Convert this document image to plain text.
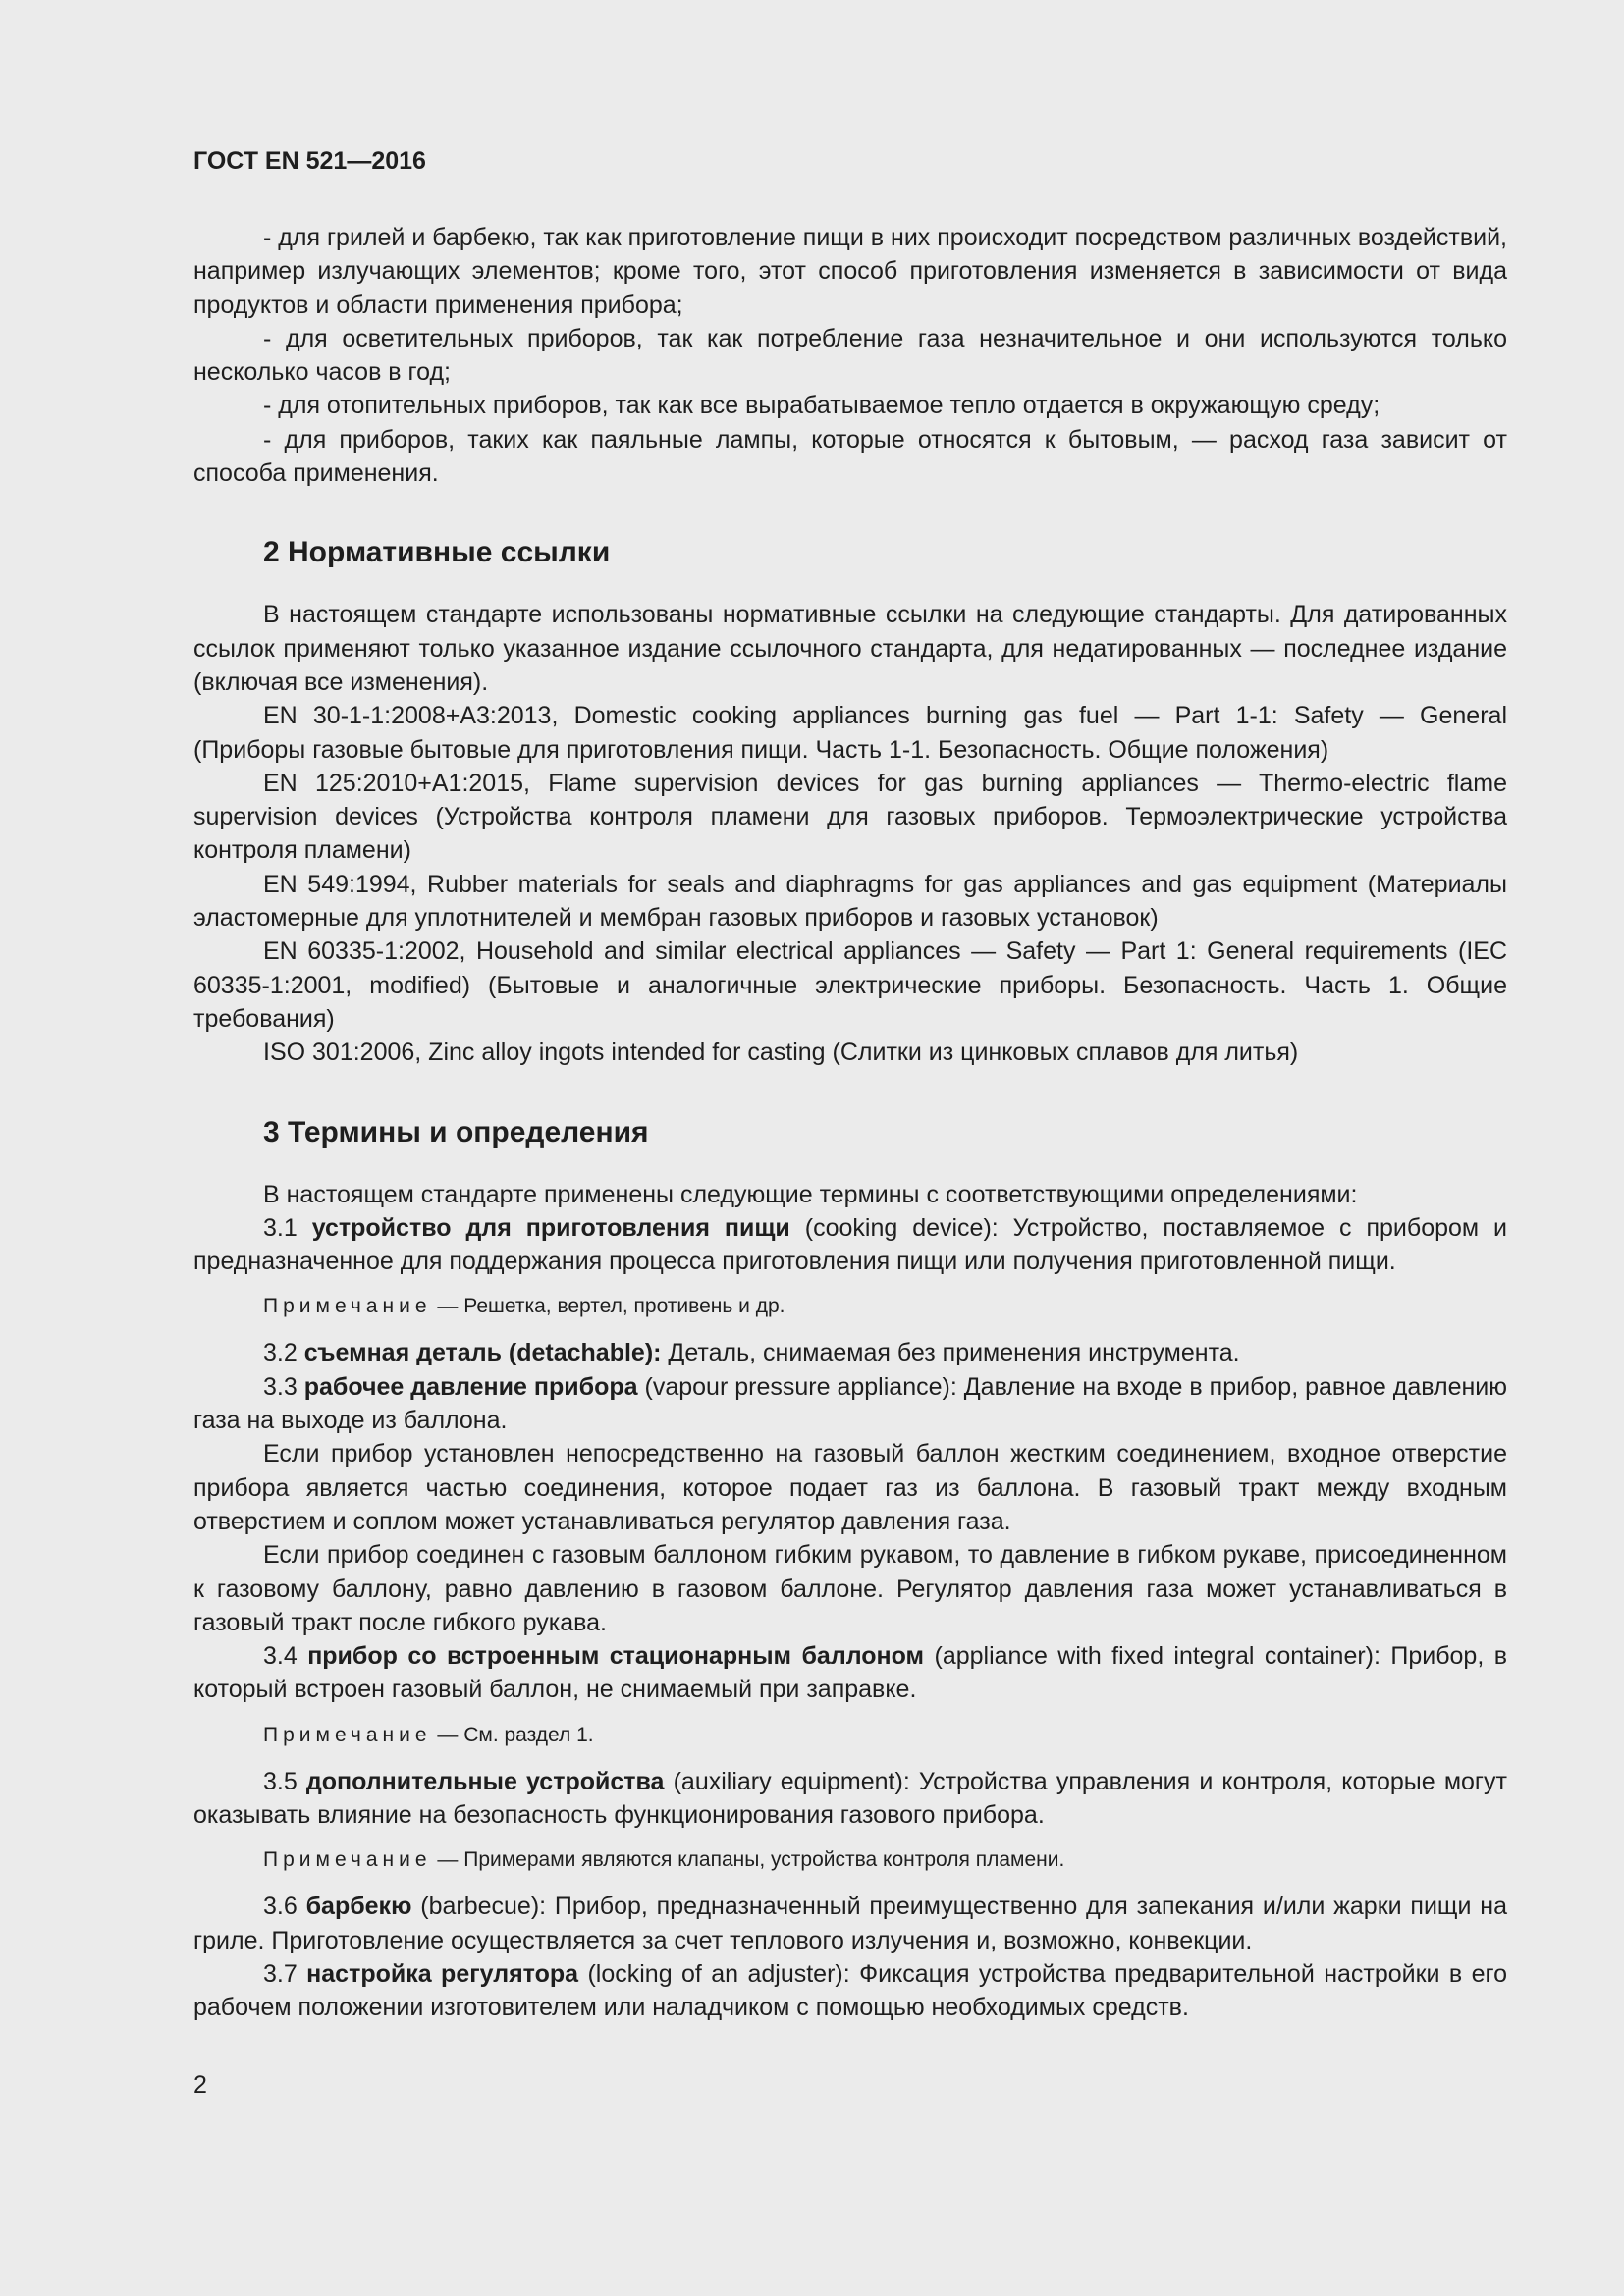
ГОСТ EN 521—2016

- для грилей и барбекю, так как приготовление пищи в них происходит посредством различных воздействий, например излучающих элементов; кроме того, этот способ приготовления изменяется в зависимости от вида продуктов и области применения прибора;

- для осветительных приборов, так как потребление газа незначительное и они используются только несколько часов в год;

- для отопительных приборов, так как все вырабатываемое тепло отдается в окружающую среду;

- для приборов, таких как паяльные лампы, которые относятся к бытовым, — расход газа зависит от способа применения.

2 Нормативные ссылки

В настоящем стандарте использованы нормативные ссылки на следующие стандарты. Для датированных ссылок применяют только указанное издание ссылочного стандарта, для недатированных — последнее издание (включая все изменения).

EN 30-1-1:2008+A3:2013, Domestic cooking appliances burning gas fuel — Part 1-1: Safety — General (Приборы газовые бытовые для приготовления пищи. Часть 1-1. Безопасность. Общие положения)

EN 125:2010+A1:2015, Flame supervision devices for gas burning appliances — Thermo-electric flame supervision devices (Устройства контроля пламени для газовых приборов. Термоэлектрические устройства контроля пламени)

EN 549:1994, Rubber materials for seals and diaphragms for gas appliances and gas equipment (Материалы эластомерные для уплотнителей и мембран газовых приборов и газовых установок)

EN 60335-1:2002, Household and similar electrical appliances — Safety — Part 1: General requirements (IEC 60335-1:2001, modified) (Бытовые и аналогичные электрические приборы. Безопасность. Часть 1. Общие требования)

ISO 301:2006, Zinc alloy ingots intended for casting (Слитки из цинковых сплавов для литья)

3 Термины и определения

В настоящем стандарте применены следующие термины с соответствующими определениями:

3.1 устройство для приготовления пищи (cooking device): Устройство, поставляемое с прибором и предназначенное для поддержания процесса приготовления пищи или получения приготовленной пищи.

Примечание — Решетка, вертел, противень и др.

3.2 съемная деталь (detachable): Деталь, снимаемая без применения инструмента.

3.3 рабочее давление прибора (vapour pressure appliance): Давление на входе в прибор, равное давлению газа на выходе из баллона.

Если прибор установлен непосредственно на газовый баллон жестким соединением, входное отверстие прибора является частью соединения, которое подает газ из баллона. В газовый тракт между входным отверстием и соплом может устанавливаться регулятор давления газа.

Если прибор соединен с газовым баллоном гибким рукавом, то давление в гибком рукаве, присоединенном к газовому баллону, равно давлению в газовом баллоне. Регулятор давления газа может устанавливаться в газовый тракт после гибкого рукава.

3.4 прибор со встроенным стационарным баллоном (appliance with fixed integral container): Прибор, в который встроен газовый баллон, не снимаемый при заправке.

Примечание — См. раздел 1.

3.5 дополнительные устройства (auxiliary equipment): Устройства управления и контроля, которые могут оказывать влияние на безопасность функционирования газового прибора.

Примечание — Примерами являются клапаны, устройства контроля пламени.

3.6 барбекю (barbecue): Прибор, предназначенный преимущественно для запекания и/или жарки пищи на гриле. Приготовление осуществляется за счет теплового излучения и, возможно, конвекции.

3.7 настройка регулятора (locking of an adjuster): Фиксация устройства предварительной настройки в его рабочем положении изготовителем или наладчиком с помощью необходимых средств.

2
